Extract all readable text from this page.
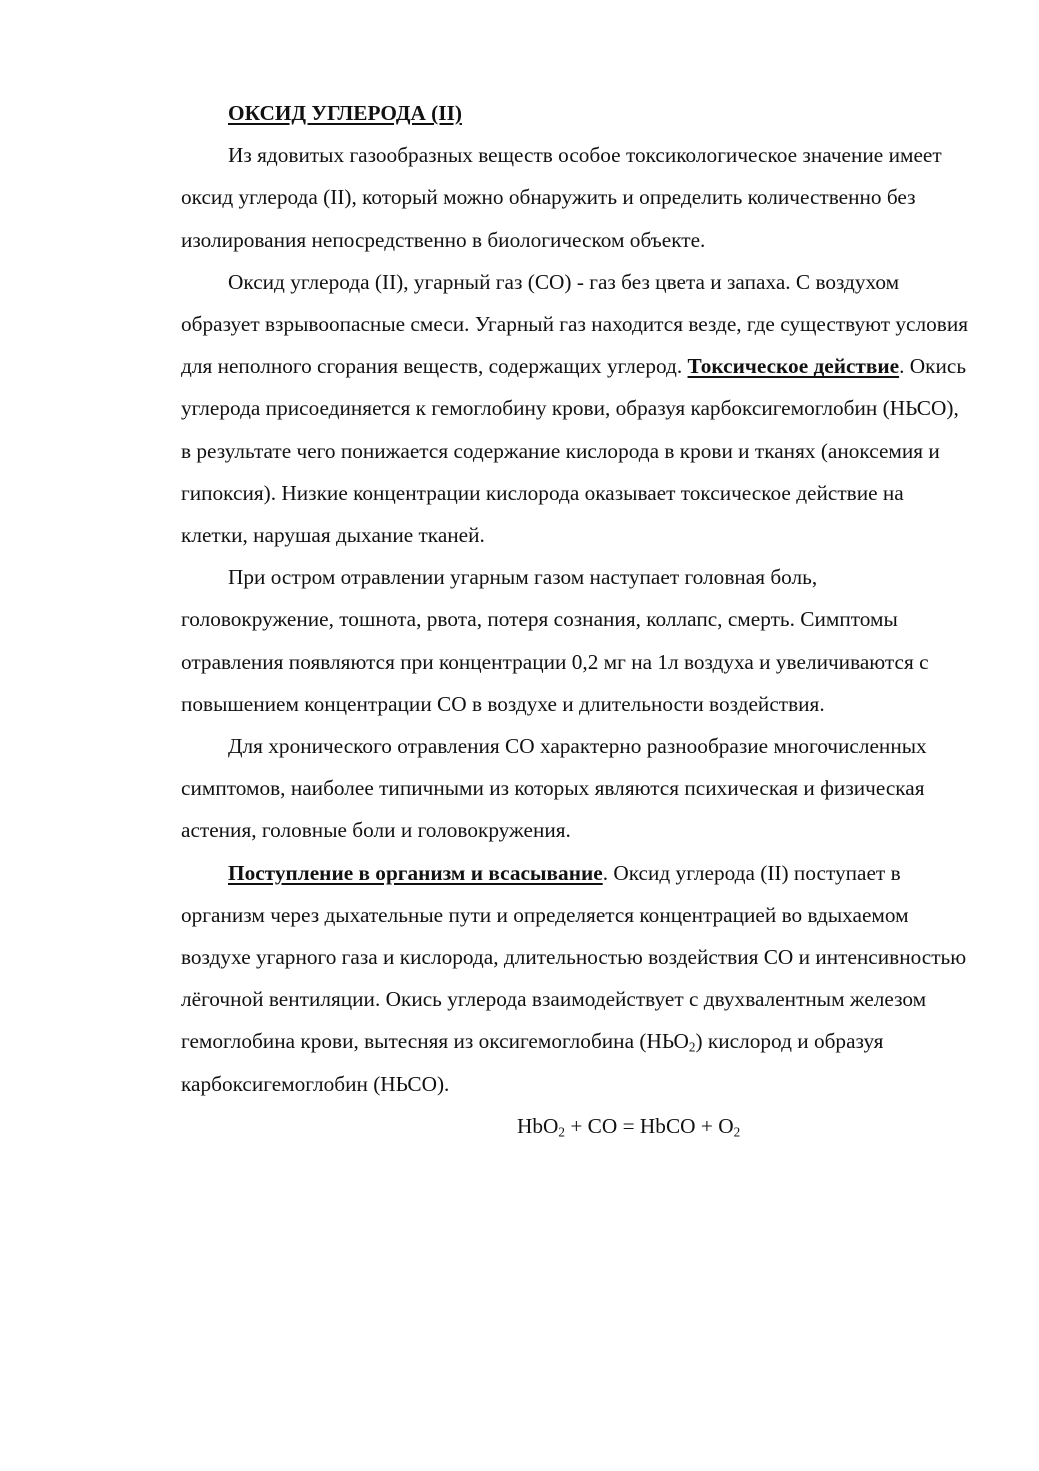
ОКСИД УГЛЕРОДА (II)

Из ядовитых газообразных веществ особое токсикологическое значение имеет оксид углерода (II), который можно обнаружить и определить количественно без изолирования непосредственно в биологическом объекте.

Оксид углерода (II), угарный газ (CO) - газ без цвета и запаха. С воздухом образует взрывоопасные смеси. Угарный газ находится везде, где существуют условия для неполного сгорания веществ, содержащих углерод. Токсическое действие. Окись углерода присоединяется к гемоглобину крови, образуя карбоксигемоглобин (НЬСО), в результате чего понижается содержание кислорода в крови и тканях (аноксемия и гипоксия). Низкие концентрации кислорода оказывает токсическое действие на клетки, нарушая дыхание тканей.

При остром отравлении угарным газом наступает головная боль, головокружение, тошнота, рвота, потеря сознания, коллапс, смерть. Симптомы отравления появляются при концентрации 0,2 мг на 1л воздуха и увеличиваются с повышением концентрации СО в воздухе и длительности воздействия.

Для хронического отравления СО характерно разнообразие многочисленных симптомов, наиболее типичными из которых являются психическая и физическая астения, головные боли и головокружения.

Поступление в организм и всасывание. Оксид углерода (II) поступает в организм через дыхательные пути и определяется концентрацией во вдыхаемом воздухе угарного газа и кислорода, длительностью воздействия СО и интенсивностью лёгочной вентиляции. Окись углерода взаимодействует с двухвалентным железом гемоглобина крови, вытесняя из оксигемоглобина $(НЬО_2)$ кислород и образуя карбоксигемоглобин (НЬСО).

HbO$_2$ + CO = HbCO + $O_2$
